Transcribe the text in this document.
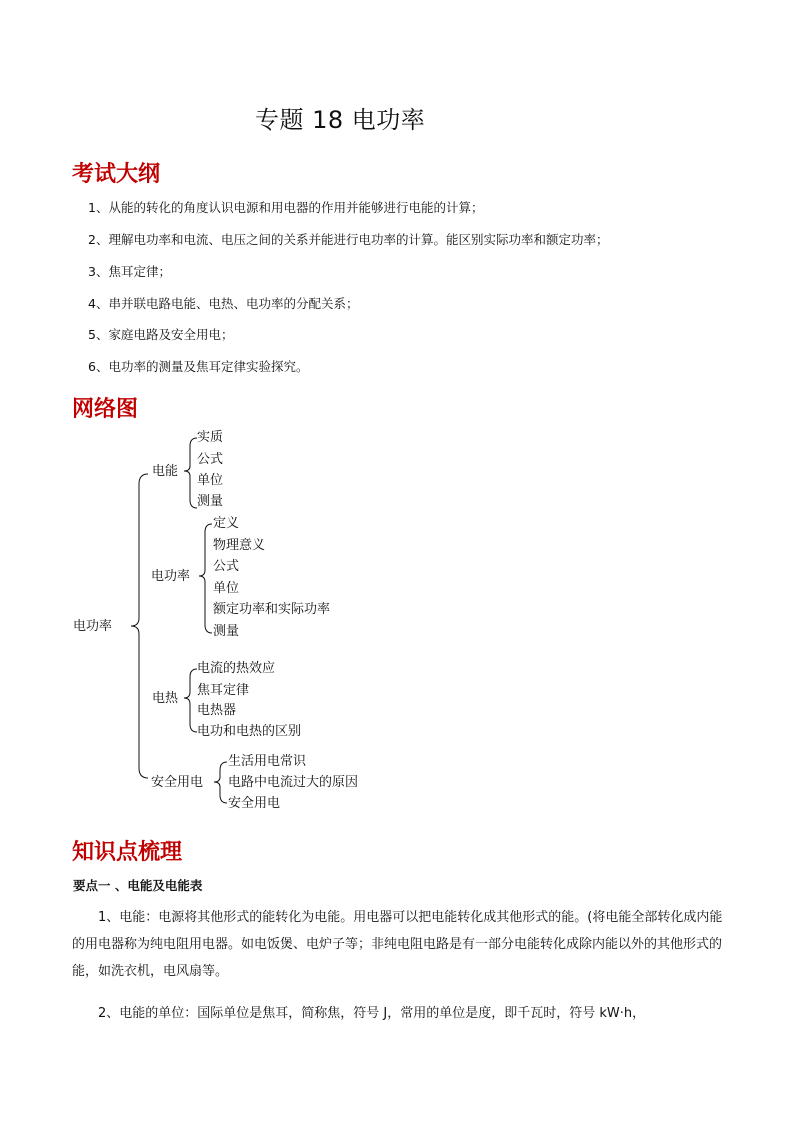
专题 18 电功率
考试大纲
1、从能的转化的角度认识电源和用电器的作用并能够进行电能的计算；
2、理解电功率和电流、电压之间的关系并能进行电功率的计算。能区别实际功率和额定功率；
3、焦耳定律；
4、串并联电路电能、电热、电功率的分配关系；
5、家庭电路及安全用电；
6、电功率的测量及焦耳定律实验探究。
网络图
电功率
电能
实质
公式
单位
测量
电功率
定义
物理意义
公式
单位
额定功率和实际功率
测量
电热
电流的热效应
焦耳定律
电热器
电功和电热的区别
安全用电
生活用电常识
电路中电流过大的原因
安全用电
知识点梳理
要点一 、电能及电能表
1、电能：电源将其他形式的能转化为电能。用电器可以把电能转化成其他形式的能。(将电能全部转化成内能的用电器称为纯电阻用电器。如电饭煲、电炉子等；非纯电阻电路是有一部分电能转化成除内能以外的其他形式的能，如洗衣机，电风扇等。
2、电能的单位：国际单位是焦耳，简称焦，符号 J，常用的单位是度，即千瓦时，符号 kW·h，
